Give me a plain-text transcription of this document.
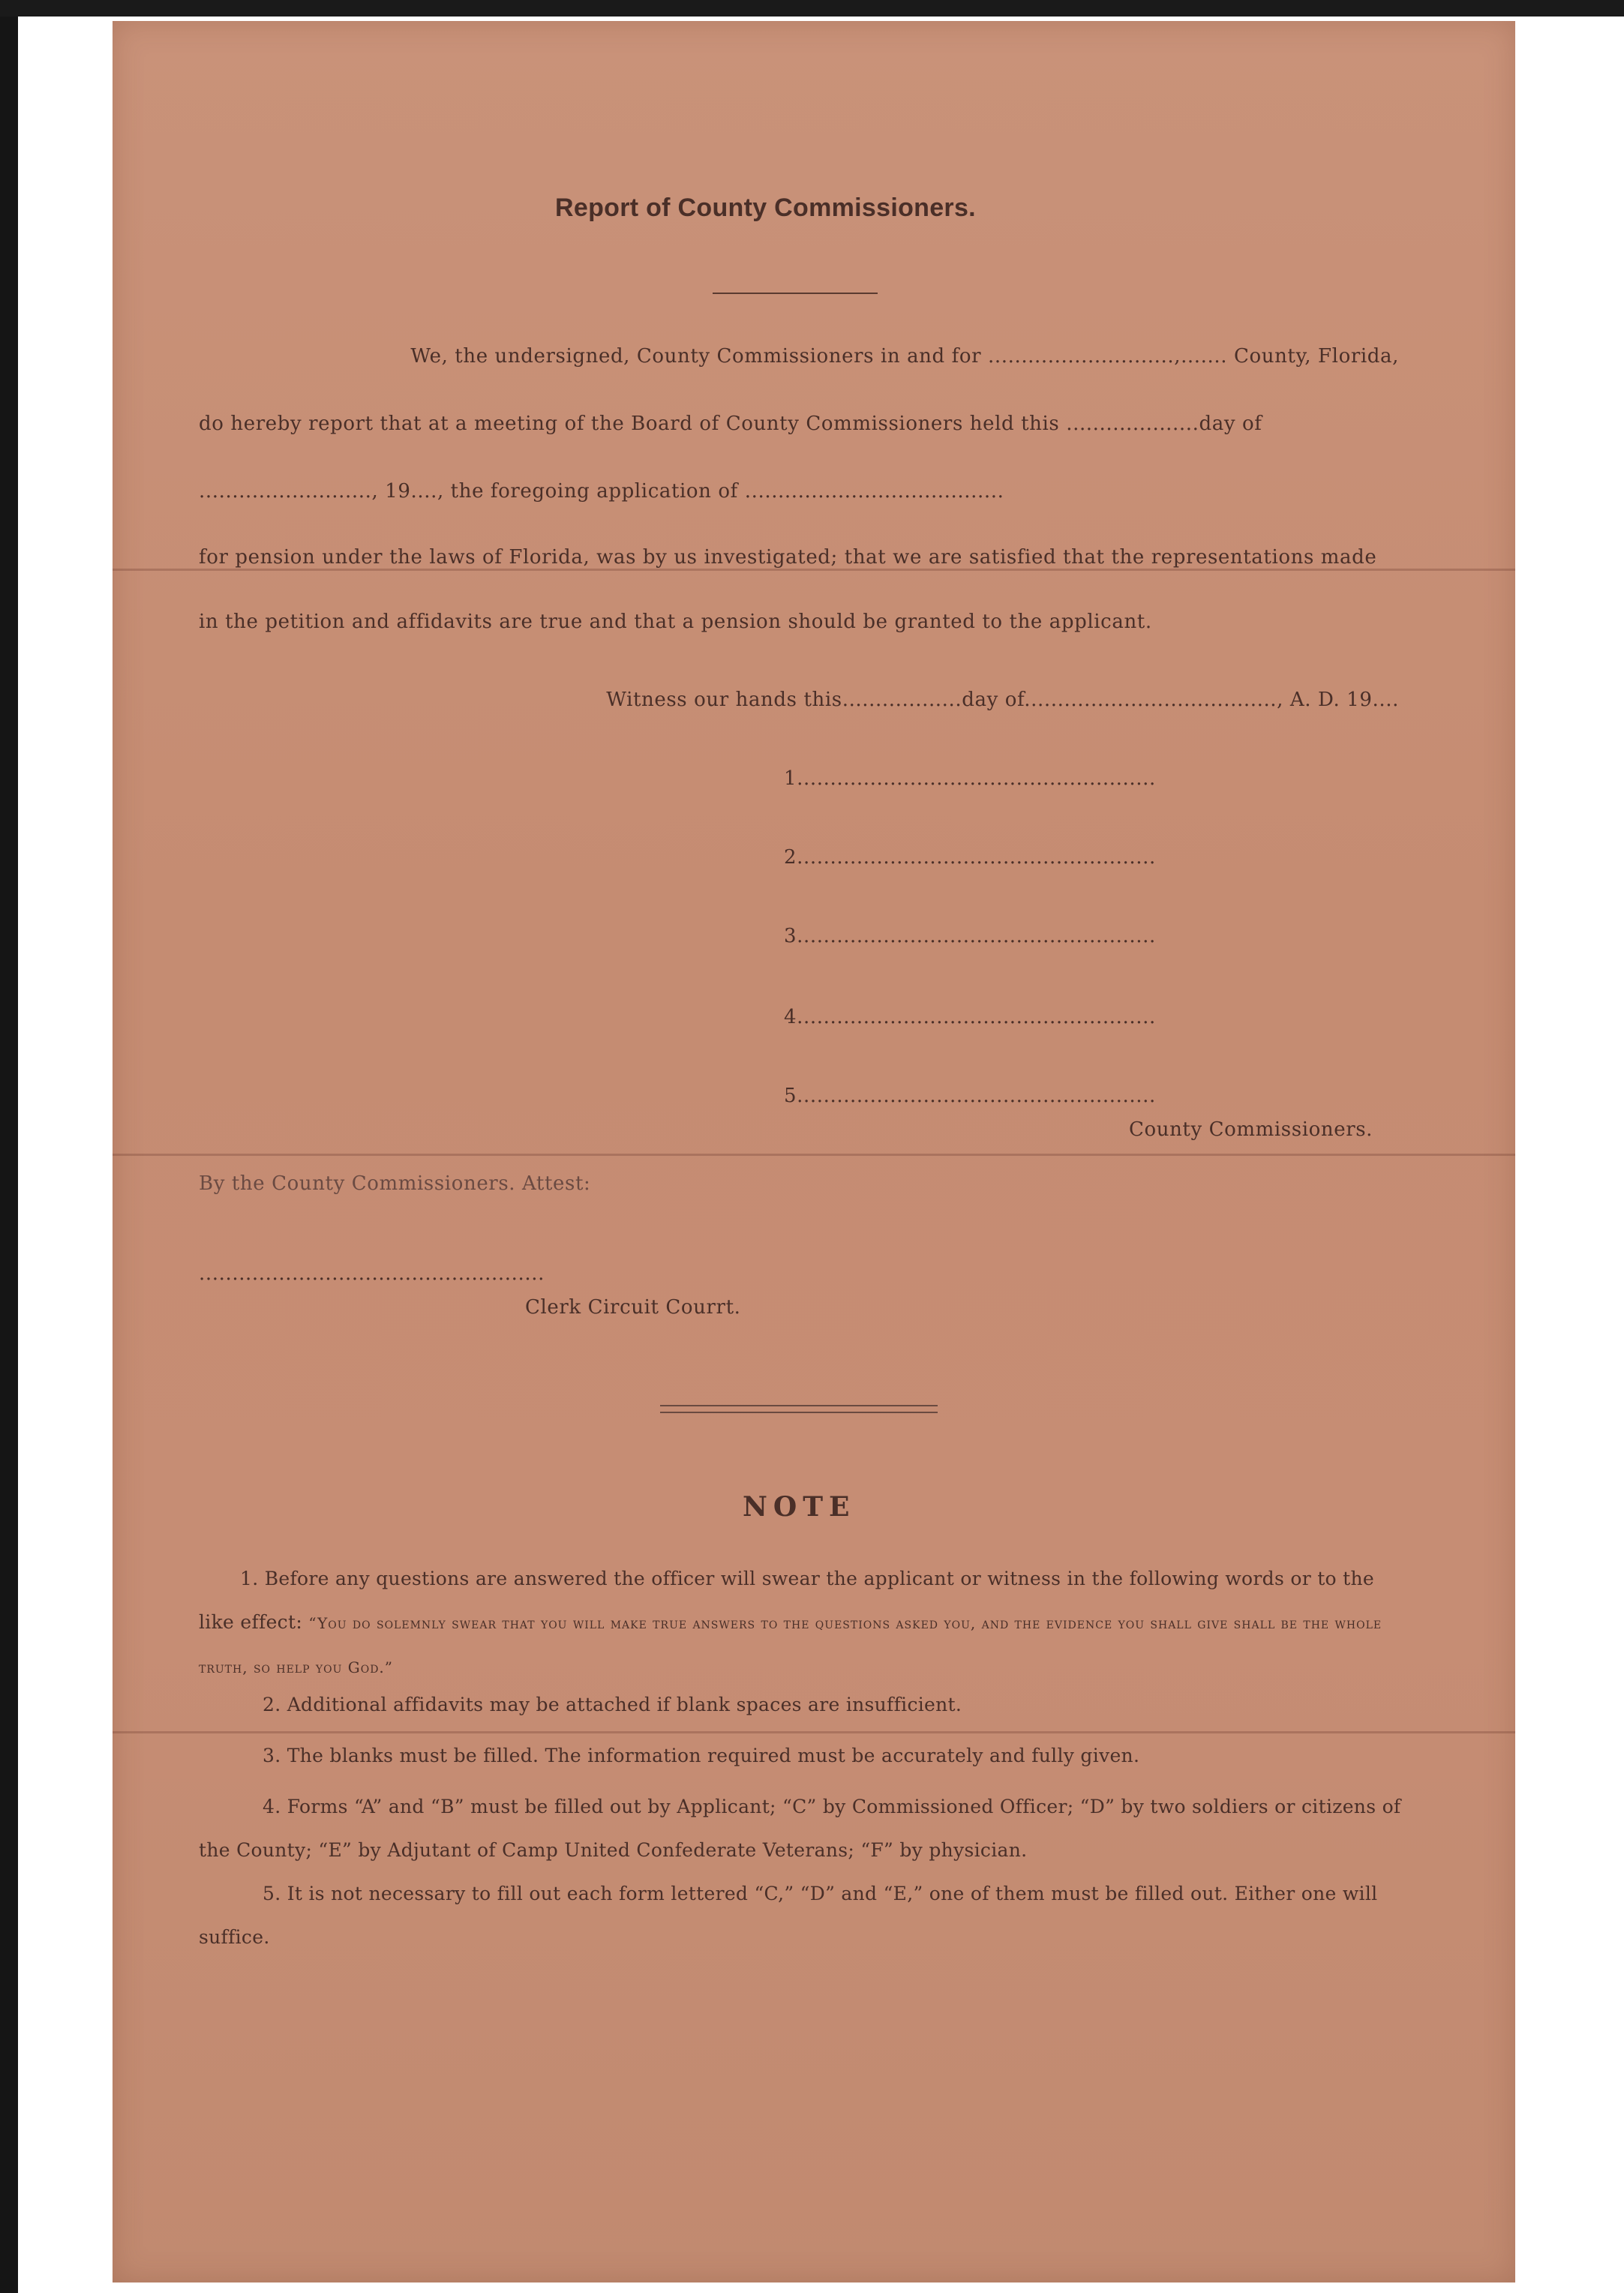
Report of County Commissioners.
We, the undersigned, County Commissioners in and for ............................,....... County, Florida,
do hereby report that at a meeting of the Board of County Commissioners held this ....................day of
.........................., 19...., the foregoing application of .......................................
for pension under the laws of Florida, was by us investigated; that we are satisfied that the representations made
in the petition and affidavits are true and that a pension should be granted to the applicant.
Witness our hands this..................day of......................................, A. D. 19....
1......................................................
2......................................................
3......................................................
4......................................................
5......................................................
County Commissioners.
By the County Commissioners. Attest:
....................................................
Clerk Circuit Courrt.
NOTE
1. Before any questions are answered the officer will swear the applicant or witness in the following words or to the like effect: “You do solemnly swear that you will make true answers to the questions asked you, and the evidence you shall give shall be the whole truth, so help you God.”
2. Additional affidavits may be attached if blank spaces are insufficient.
3. The blanks must be filled. The information required must be accurately and fully given.
4. Forms “A” and “B” must be filled out by Applicant; “C” by Commissioned Officer; “D” by two soldiers or citizens of the County; “E” by Adjutant of Camp United Confederate Veterans; “F” by physician.
5. It is not necessary to fill out each form lettered “C,” “D” and “E,” one of them must be filled out. Either one will suffice.
